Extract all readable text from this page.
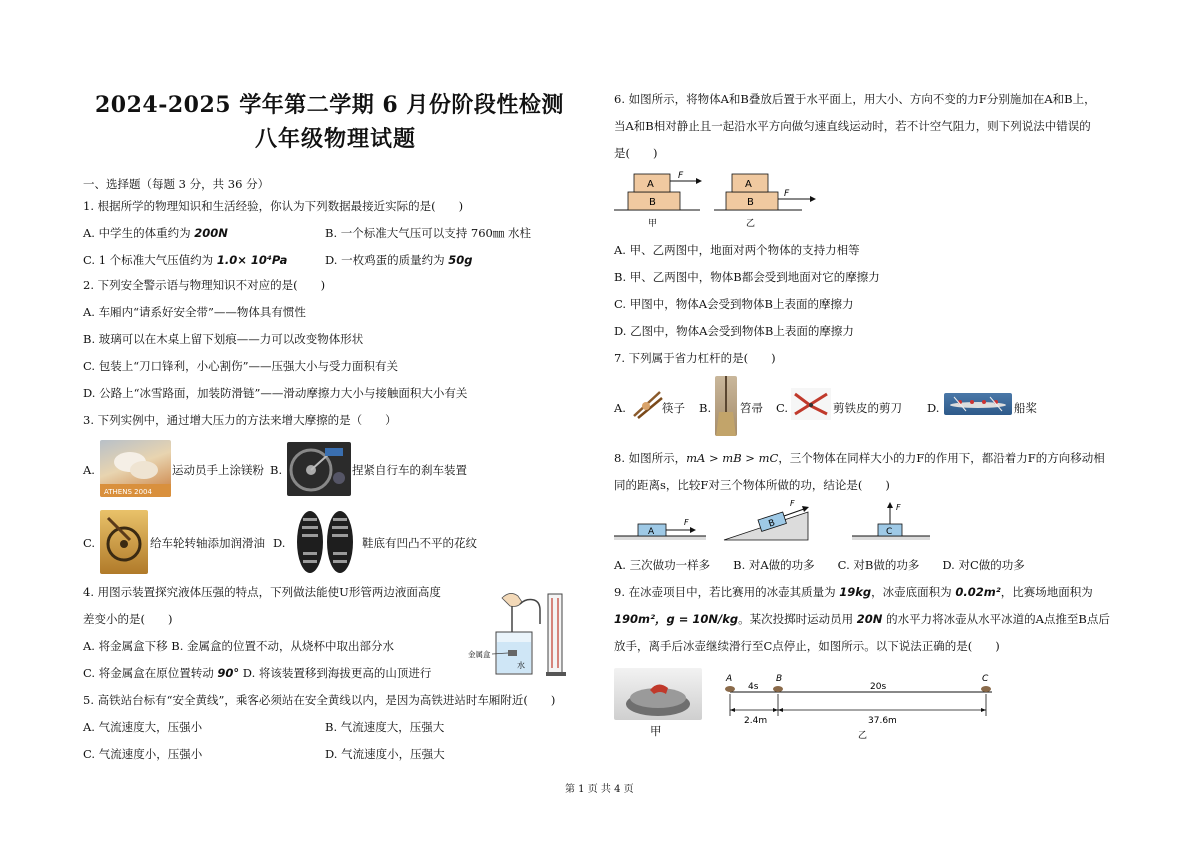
2024-2025 学年第二学期 6 月份阶段性检测
八年级物理试题
一、选择题（每题 3 分，共 36 分）
1. 根据所学的物理知识和生活经验，你认为下列数据最接近实际的是(　　)
A. 中学生的体重约为 200N	B. 一个标准大气压可以支持 760㎜ 水柱
C. 1 个标准大气压值约为 1.0× 10⁴Pa	D. 一枚鸡蛋的质量约为 50g
2. 下列安全警示语与物理知识不对应的是(　　)
A. 车厢内“请系好安全带”——物体具有惯性
B. 玻璃可以在木桌上留下划痕——力可以改变物体形状
C. 包装上“刀口锋利，小心割伤”——压强大小与受力面积有关
D. 公路上“冰雪路面，加装防滑链”——滑动摩擦力大小与接触面积大小有关
3. 下列实例中，通过增大压力的方法来增大摩擦的是（　　）
A.
ATHENS 2004
运动员手上涂镁粉 B.	捏紧自行车的刹车装置
C.	给车轮转轴添加润滑油 D.	鞋底有凹凸不平的花纹
4. 用图示装置探究液体压强的特点，下列做法能使U形管两边液面高度
差变小的是(　　)
A. 将金属盒下移 B. 金属盒的位置不动，从烧杯中取出部分水
C. 将金属盒在原位置转动 90° D. 将该装置移到海拔更高的山顶进行
水
金属盒
5. 高铁站台标有“安全黄线”，乘客必须站在安全黄线以内，是因为高铁进站时车厢附近(　　)
A. 气流速度大，压强小	B. 气流速度大，压强大
C. 气流速度小，压强小	D. 气流速度小，压强大
6. 如图所示，将物体A和B叠放后置于水平面上，用大小、方向不变的力F分别施加在A和B上，
当A和B相对静止且一起沿水平方向做匀速直线运动时，若不计空气阻力，则下列说法中错误的
是(　　)
A
B
F
甲
A
B
F
乙
A. 甲、乙两图中，地面对两个物体的支持力相等
B. 甲、乙两图中，物体B都会受到地面对它的摩擦力
C. 甲图中，物体A会受到物体B上表面的摩擦力
D. 乙图中，物体A会受到物体B上表面的摩擦力
7. 下列属于省力杠杆的是(　　)
A.	筷子 B.	笤帚 C.	剪铁皮的剪刀 D.	船桨
8. 如图所示，mA > mB > mC，三个物体在同样大小的力F的作用下，都沿着力F的方向移动相
同的距离s，比较F对三个物体所做的功，结论是(　　)
A
F	B
F
C
F
A. 三次做功一样多　　B. 对A做的功多　　C. 对B做的功多　　D. 对C做的功多
9. 在冰壶项目中，若比赛用的冰壶其质量为 19kg，冰壶底面积为 0.02m²，比赛场地面积为
190m²，g = 10N/kg。某次投掷时运动员用 20N 的水平力将冰壶从水平冰道的A点推至B点后
放手，离手后冰壶继续滑行至C点停止，如图所示。以下说法正确的是(　　)
甲
A	B	C
4s	20s
2.4m	37.6m
乙
第 1 页 共 4 页
